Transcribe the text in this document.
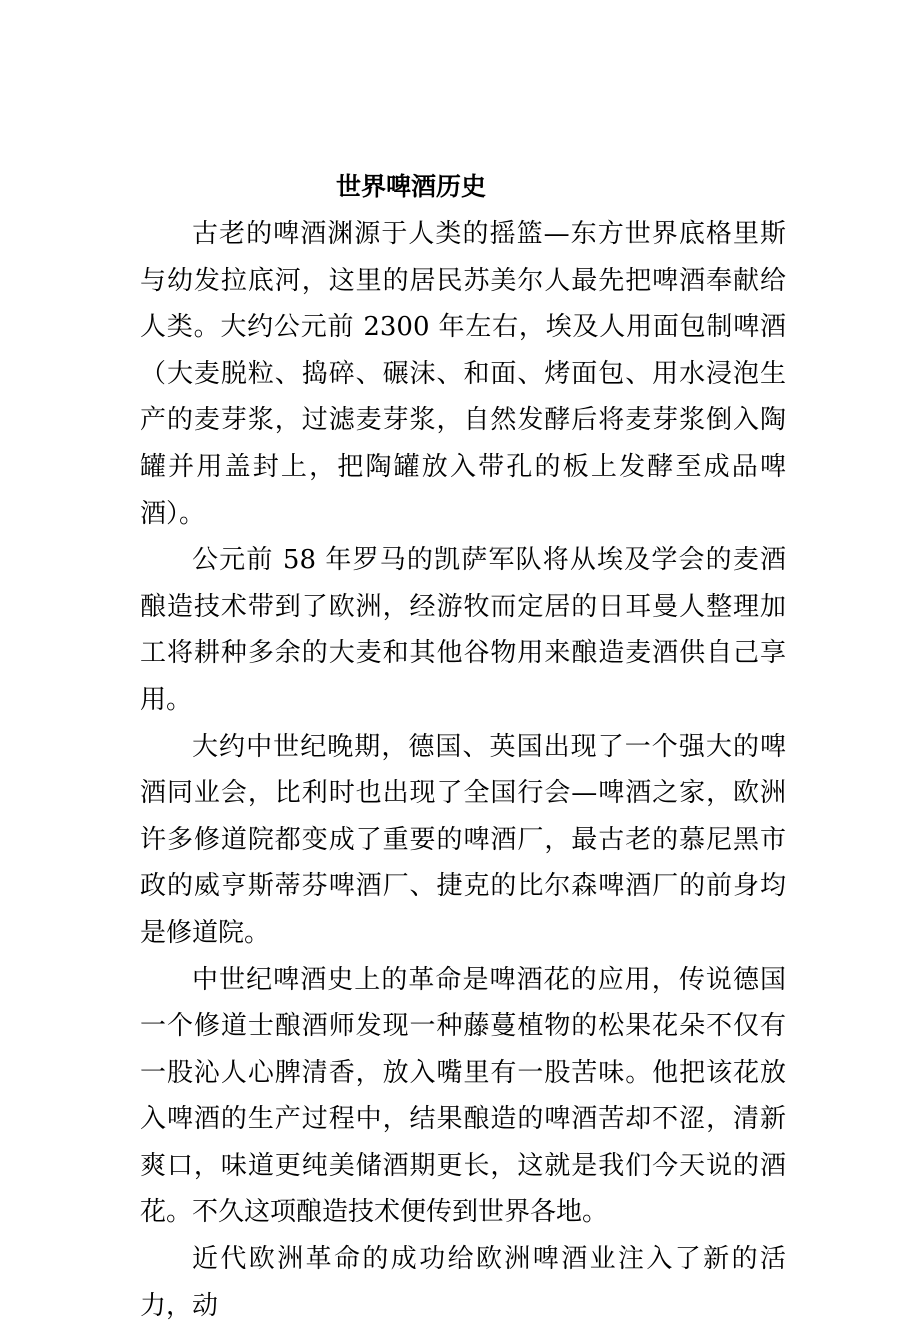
世界啤酒历史

古老的啤酒渊源于人类的摇篮—东方世界底格里斯与幼发拉底河，这里的居民苏美尔人最先把啤酒奉献给人类。大约公元前 2300 年左右，埃及人用面包制啤酒（大麦脱粒、捣碎、碾沫、和面、烤面包、用水浸泡生产的麦芽浆，过滤麦芽浆，自然发酵后将麦芽浆倒入陶罐并用盖封上，把陶罐放入带孔的板上发酵至成品啤酒）。

公元前 58 年罗马的凯萨军队将从埃及学会的麦酒酿造技术带到了欧洲，经游牧而定居的日耳曼人整理加工将耕种多余的大麦和其他谷物用来酿造麦酒供自己享用。

大约中世纪晚期，德国、英国出现了一个强大的啤酒同业会，比利时也出现了全国行会—啤酒之家，欧洲许多修道院都变成了重要的啤酒厂，最古老的慕尼黑市政的威亨斯蒂芬啤酒厂、捷克的比尔森啤酒厂的前身均是修道院。

中世纪啤酒史上的革命是啤酒花的应用，传说德国一个修道士酿酒师发现一种藤蔓植物的松果花朵不仅有一股沁人心脾清香，放入嘴里有一股苦味。他把该花放入啤酒的生产过程中，结果酿造的啤酒苦却不涩，清新爽口，味道更纯美储酒期更长，这就是我们今天说的酒花。不久这项酿造技术便传到世界各地。

近代欧洲革命的成功给欧洲啤酒业注入了新的活力，动
